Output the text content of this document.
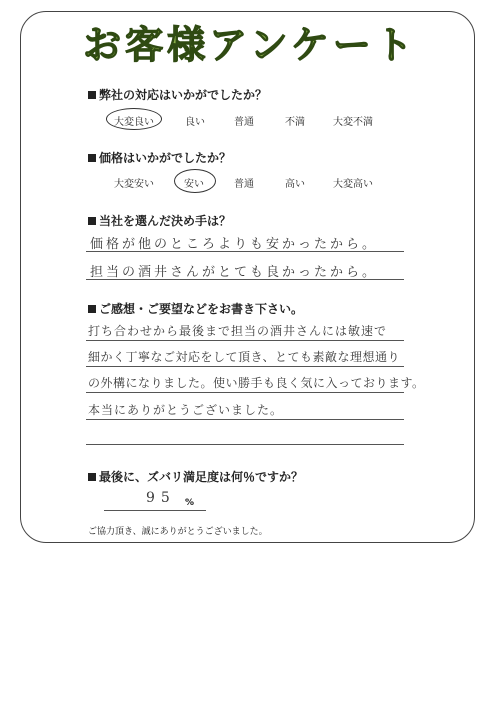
お客様アンケート
弊社の対応はいかがでしたか？
大変良い	良い	普通	不満	大変不満
価格はいかがでしたか？
大変安い	安い	普通	高い	大変高い
当社を選んだ決め手は？
価格が他のところよりも安かったから。
担当の酒井さんがとても良かったから。
ご感想・ご要望などをお書き下さい。
打ち合わせから最後まで担当の酒井さんには敏速で
細かく丁寧なご対応をして頂き、とても素敵な理想通り
の外構になりました。使い勝手も良く気に入っております。
本当にありがとうございました。
最後に、ズバリ満足度は何％ですか？
95 %
ご協力頂き、誠にありがとうございました。
